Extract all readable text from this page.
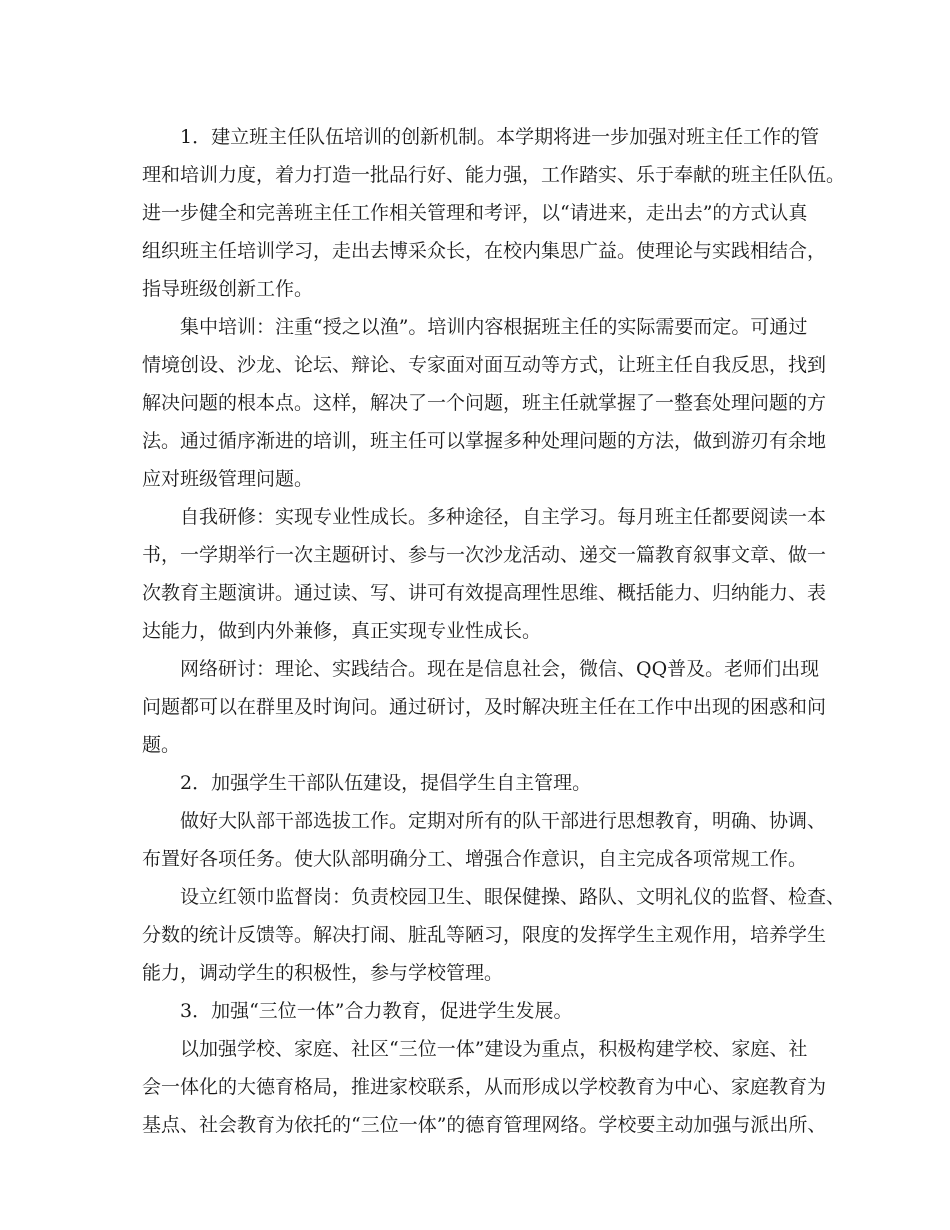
1．建立班主任队伍培训的创新机制。本学期将进一步加强对班主任工作的管
理和培训力度，着力打造一批品行好、能力强，工作踏实、乐于奉献的班主任队伍。
进一步健全和完善班主任工作相关管理和考评，以“请进来，走出去”的方式认真
组织班主任培训学习，走出去博采众长，在校内集思广益。使理论与实践相结合，
指导班级创新工作。
集中培训：注重“授之以渔”。培训内容根据班主任的实际需要而定。可通过
情境创设、沙龙、论坛、辩论、专家面对面互动等方式，让班主任自我反思，找到
解决问题的根本点。这样，解决了一个问题，班主任就掌握了一整套处理问题的方
法。通过循序渐进的培训，班主任可以掌握多种处理问题的方法，做到游刃有余地
应对班级管理问题。
自我研修：实现专业性成长。多种途径，自主学习。每月班主任都要阅读一本
书，一学期举行一次主题研讨、参与一次沙龙活动、递交一篇教育叙事文章、做一
次教育主题演讲。通过读、写、讲可有效提高理性思维、概括能力、归纳能力、表
达能力，做到内外兼修，真正实现专业性成长。
网络研讨：理论、实践结合。现在是信息社会，微信、QQ普及。老师们出现
问题都可以在群里及时询问。通过研讨，及时解决班主任在工作中出现的困惑和问
题。
2．加强学生干部队伍建设，提倡学生自主管理。
做好大队部干部选拔工作。定期对所有的队干部进行思想教育，明确、协调、
布置好各项任务。使大队部明确分工、增强合作意识，自主完成各项常规工作。
设立红领巾监督岗：负责校园卫生、眼保健操、路队、文明礼仪的监督、检查、
分数的统计反馈等。解决打闹、脏乱等陋习，限度的发挥学生主观作用，培养学生
能力，调动学生的积极性，参与学校管理。
3．加强“三位一体”合力教育，促进学生发展。
以加强学校、家庭、社区“三位一体”建设为重点，积极构建学校、家庭、社
会一体化的大德育格局，推进家校联系，从而形成以学校教育为中心、家庭教育为
基点、社会教育为依托的“三位一体”的德育管理网络。学校要主动加强与派出所、
